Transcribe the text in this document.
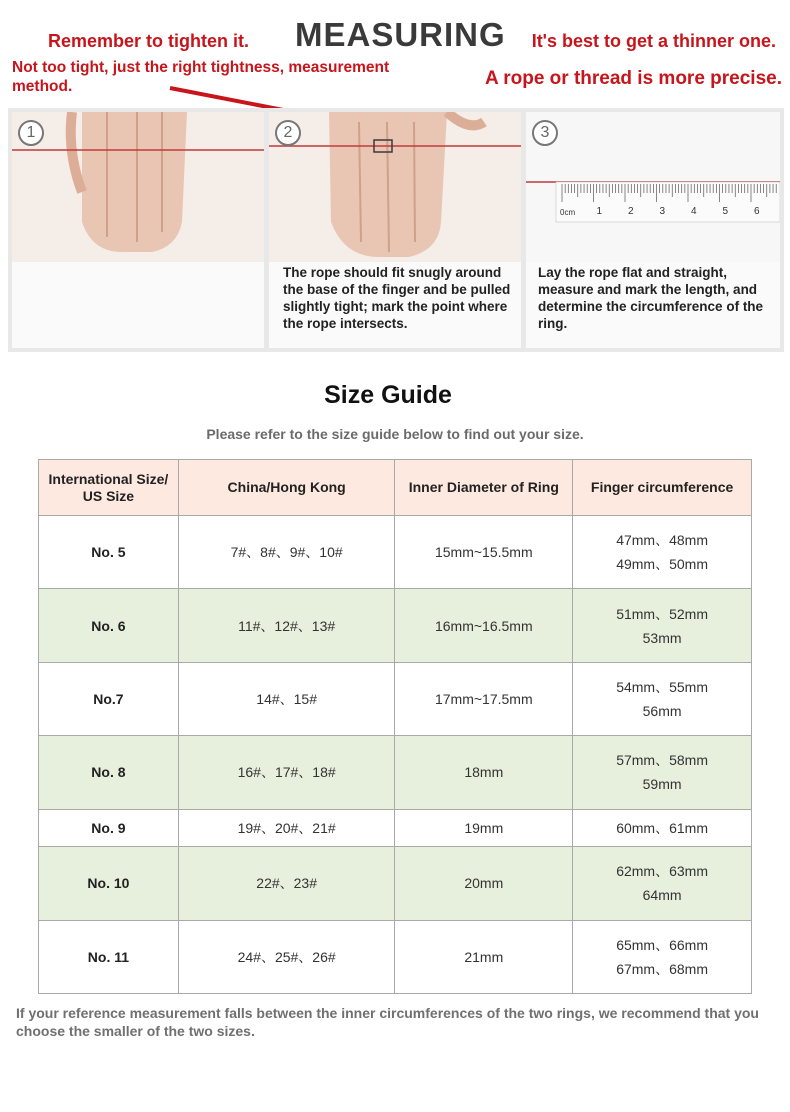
Remember to tighten it.
Not too tight, just the right tightness, measurement method.
MEASURING It's best to get a thinner one.
A rope or thread is more precise.
1	2
The rope should fit snugly around the base of the finger and be pulled slightly tight; mark the point where the rope intersects.
3
0cm 1	2	3	4	5	6
Lay the rope flat and straight, measure and mark the length, and determine the circumference of the ring.
Size Guide
Please refer to the size guide below to find out your size.
International Size/ US Size	China/Hong Kong	Inner Diameter of Ring	Finger circumference
No. 5	7#、8#、9#、10#	15mm~15.5mm	47mm、48mm
49mm、50mm

No. 6	11#、12#、13#	16mm~16.5mm	51mm、52mm
53mm

No.7	14#、15#	17mm~17.5mm	54mm、55mm
56mm

No. 8	16#、17#、18#	18mm	57mm、58mm
59mm

No. 9	19#、20#、21#	19mm	60mm、61mm

No. 10	22#、23#	20mm	62mm、63mm
64mm

No. 11	24#、25#、26#	21mm	65mm、66mm
67mm、68mm
If your reference measurement falls between the inner circumferences of the two rings, we recommend that you choose the smaller of the two sizes.
